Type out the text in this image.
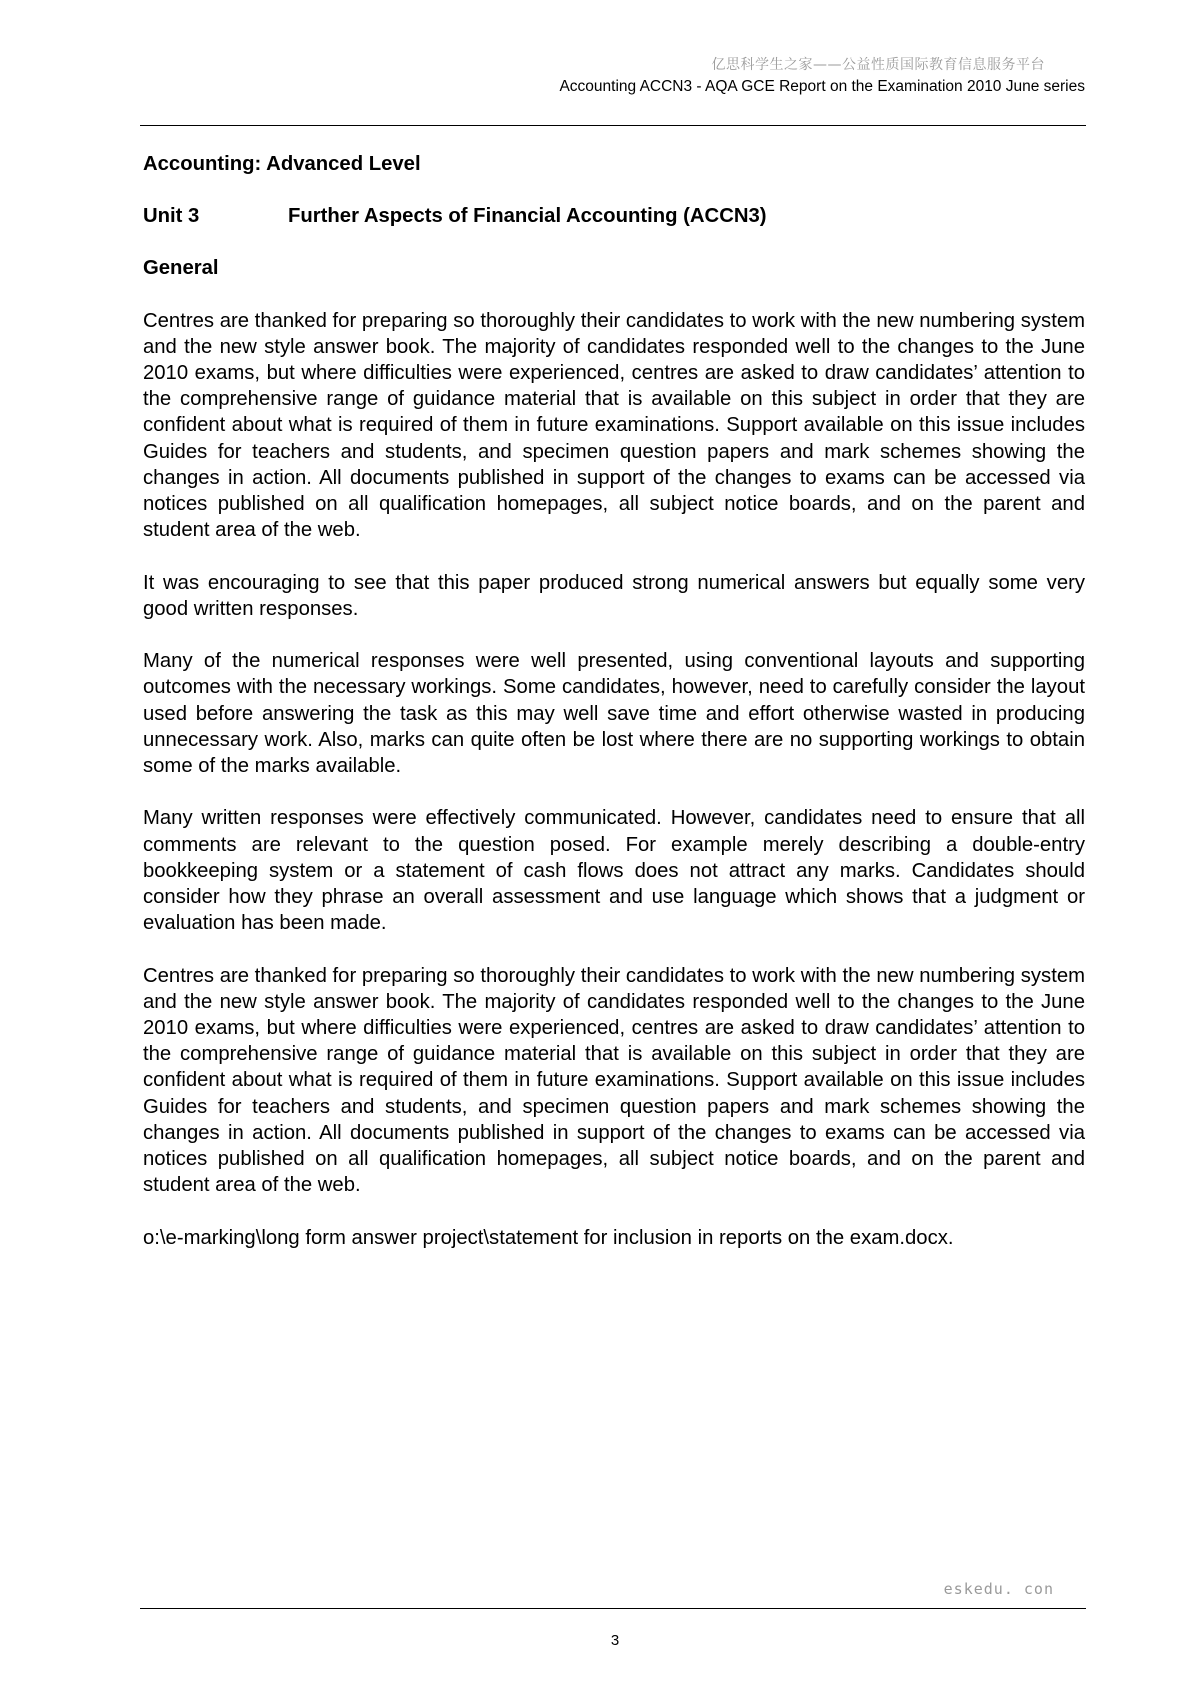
亿思科学生之家——公益性质国际教育信息服务平台
Accounting ACCN3 - AQA GCE Report on the Examination 2010 June series
Accounting: Advanced Level
Unit 3	Further Aspects of Financial Accounting (ACCN3)
General

Centres are thanked for preparing so thoroughly their candidates to work with the new numbering system and the new style answer book. The majority of candidates responded well to the changes to the June 2010 exams, but where difficulties were experienced, centres are asked to draw candidates’ attention to the comprehensive range of guidance material that is available on this subject in order that they are confident about what is required of them in future examinations. Support available on this issue includes Guides for teachers and students, and specimen question papers and mark schemes showing the changes in action. All documents published in support of the changes to exams can be accessed via notices published on all qualification homepages, all subject notice boards, and on the parent and student area of the web.

It was encouraging to see that this paper produced strong numerical answers but equally some very good written responses.

Many of the numerical responses were well presented, using conventional layouts and supporting outcomes with the necessary workings. Some candidates, however, need to carefully consider the layout used before answering the task as this may well save time and effort otherwise wasted in producing unnecessary work. Also, marks can quite often be lost where there are no supporting workings to obtain some of the marks available.

Many written responses were effectively communicated. However, candidates need to ensure that all comments are relevant to the question posed. For example merely describing a double-entry bookkeeping system or a statement of cash flows does not attract any marks. Candidates should consider how they phrase an overall assessment and use language which shows that a judgment or evaluation has been made.

Centres are thanked for preparing so thoroughly their candidates to work with the new numbering system and the new style answer book. The majority of candidates responded well to the changes to the June 2010 exams, but where difficulties were experienced, centres are asked to draw candidates’ attention to the comprehensive range of guidance material that is available on this subject in order that they are confident about what is required of them in future examinations. Support available on this issue includes Guides for teachers and students, and specimen question papers and mark schemes showing the changes in action. All documents published in support of the changes to exams can be accessed via notices published on all qualification homepages, all subject notice boards, and on the parent and student area of the web.

o:\e-marking\long form answer project\statement for inclusion in reports on the exam.docx.

eskedu. con
3
